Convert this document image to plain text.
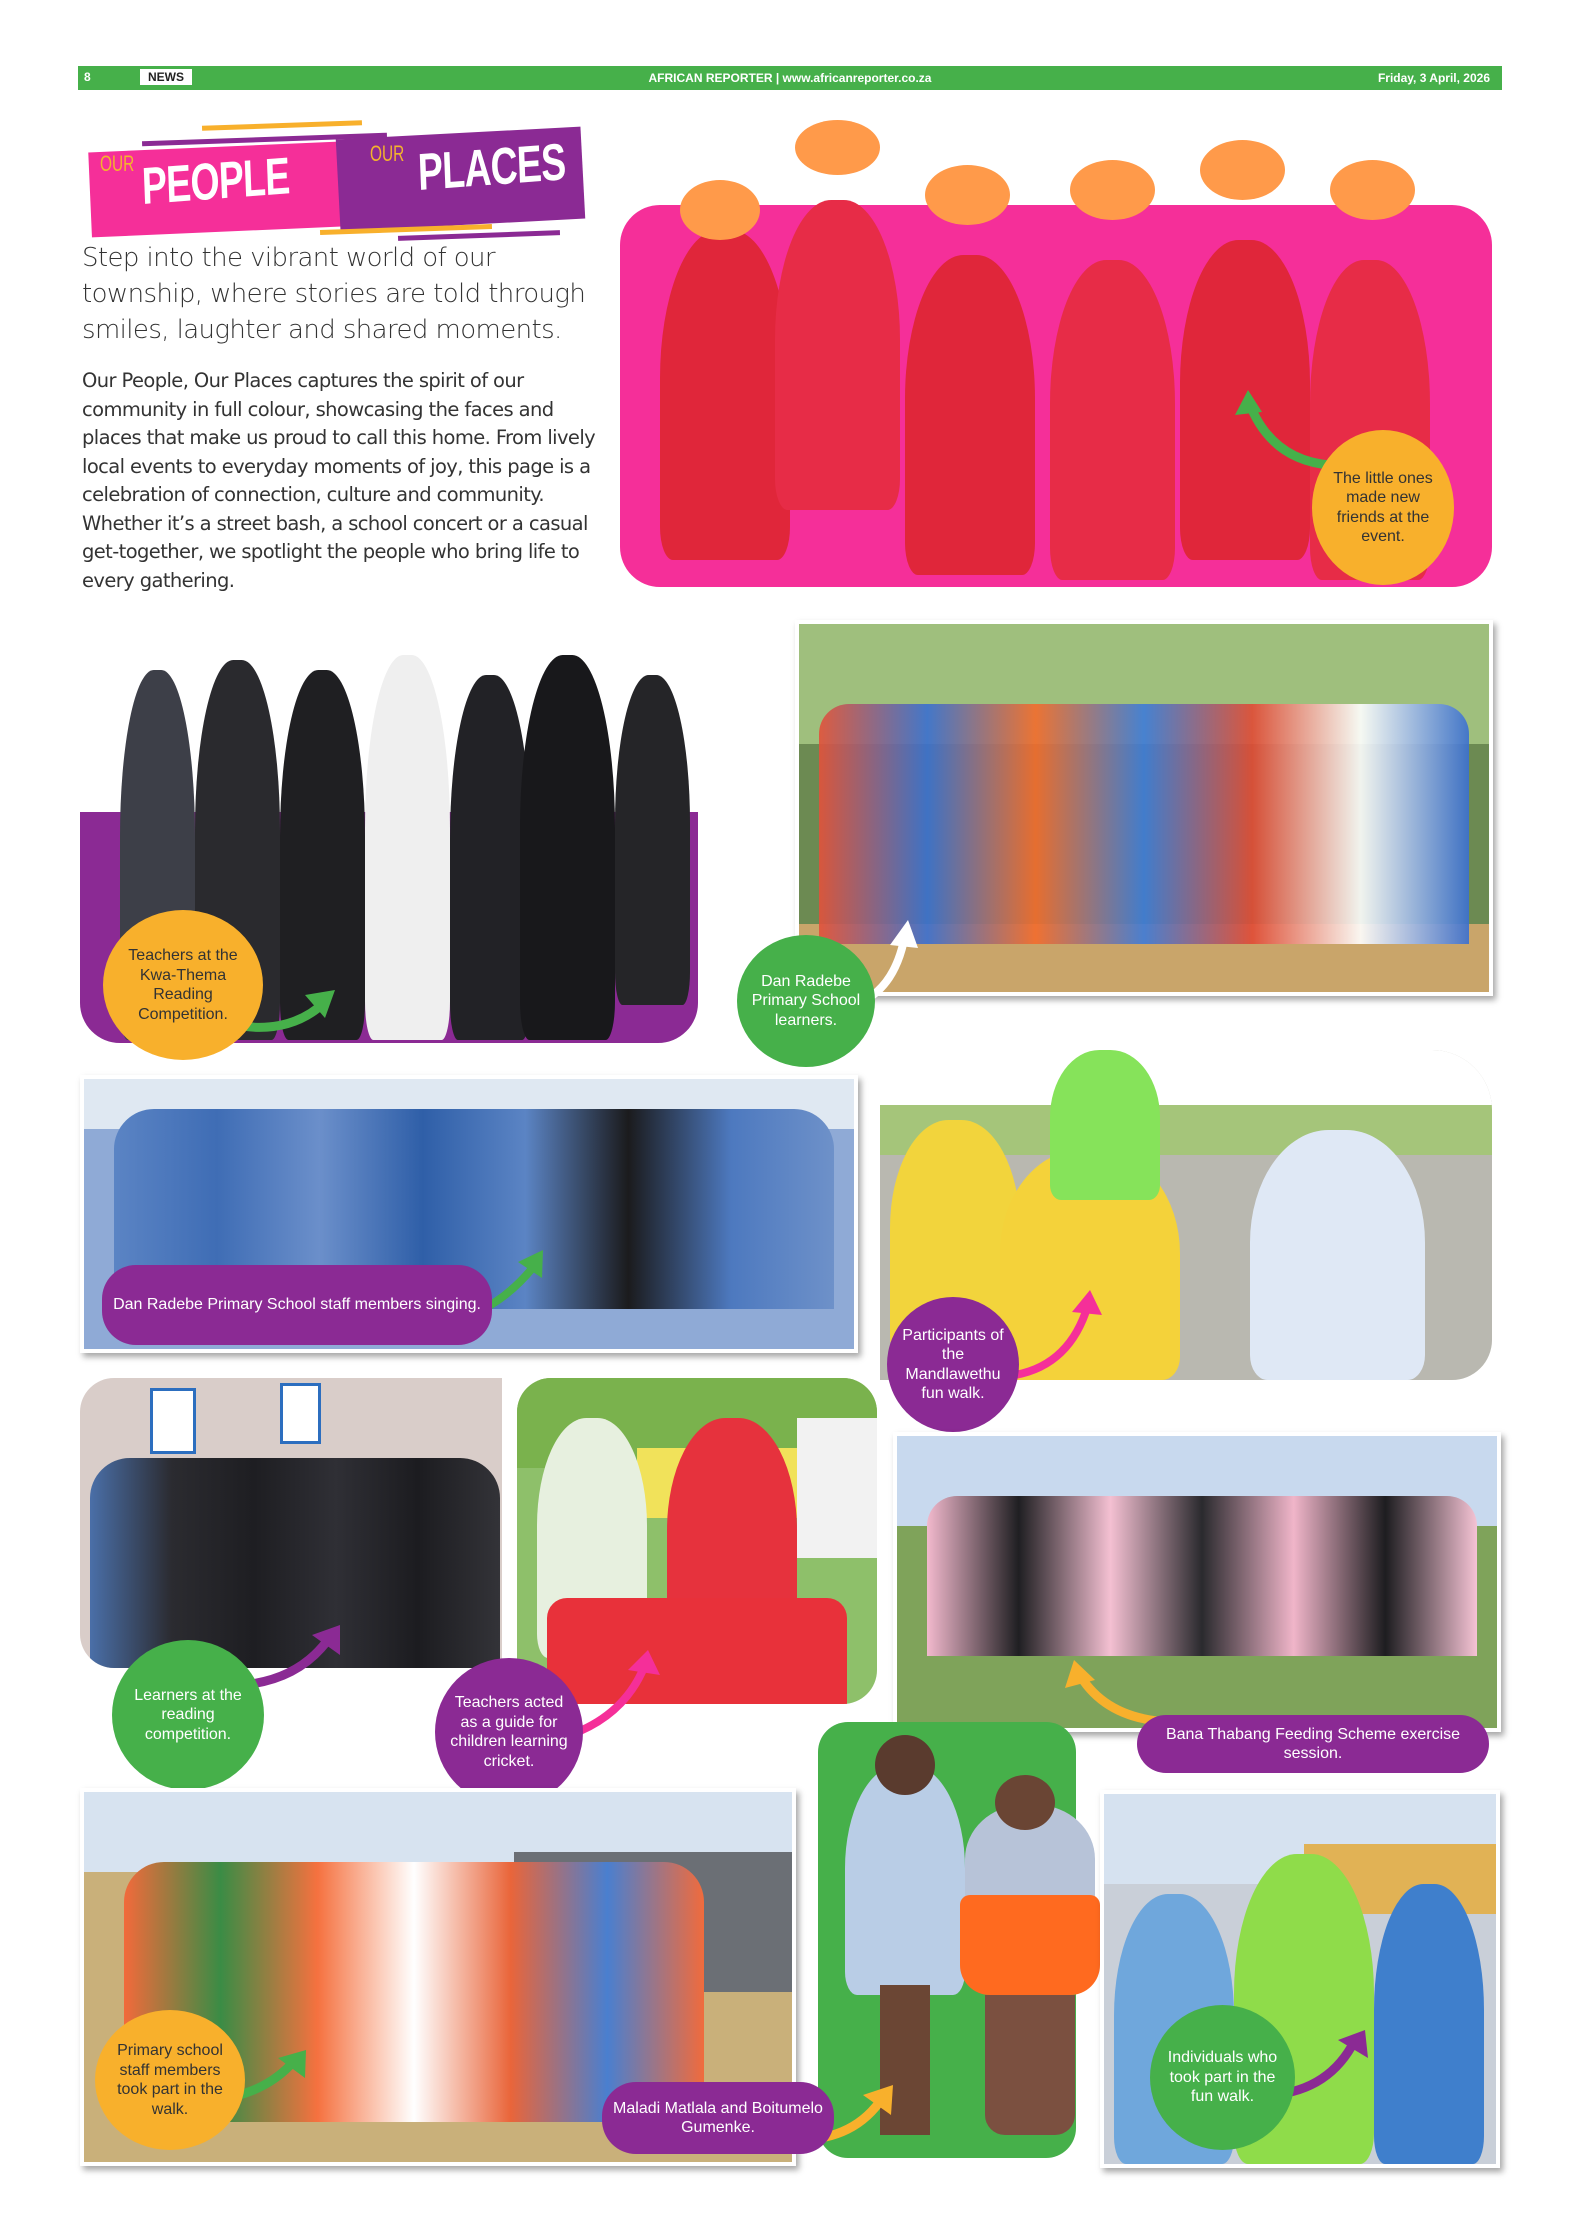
8	NEWS	AFRICAN REPORTER | www.africanreporter.co.za	Friday, 3 April, 2026
OUR PEOPLE	OUR PLACES
Step into the vibrant world of our township, where stories are told through smiles, laughter and shared moments.
Our People, Our Places captures the spirit of our community in full colour, showcasing the faces and places that make us proud to call this home. From lively local events to everyday moments of joy, this page is a celebration of connection, culture and community. Whether it’s a street bash, a school concert or a casual get-together, we spotlight the people who bring life to every gathering.
The little ones made new friends at the event.
Teachers at the Kwa-Thema Reading Competition.
Dan Radebe Primary School learners.
Dan Radebe Primary School staff members singing.
Participants of the Mandlawethu fun walk.
Learners at the reading competition.
Teachers acted as a guide for children learning cricket.
Bana Thabang Feeding Scheme exercise session.
Primary school staff members took part in the walk.	Maladi Matlala and Boitumelo Gumenke.
Individuals who took part in the fun walk.
